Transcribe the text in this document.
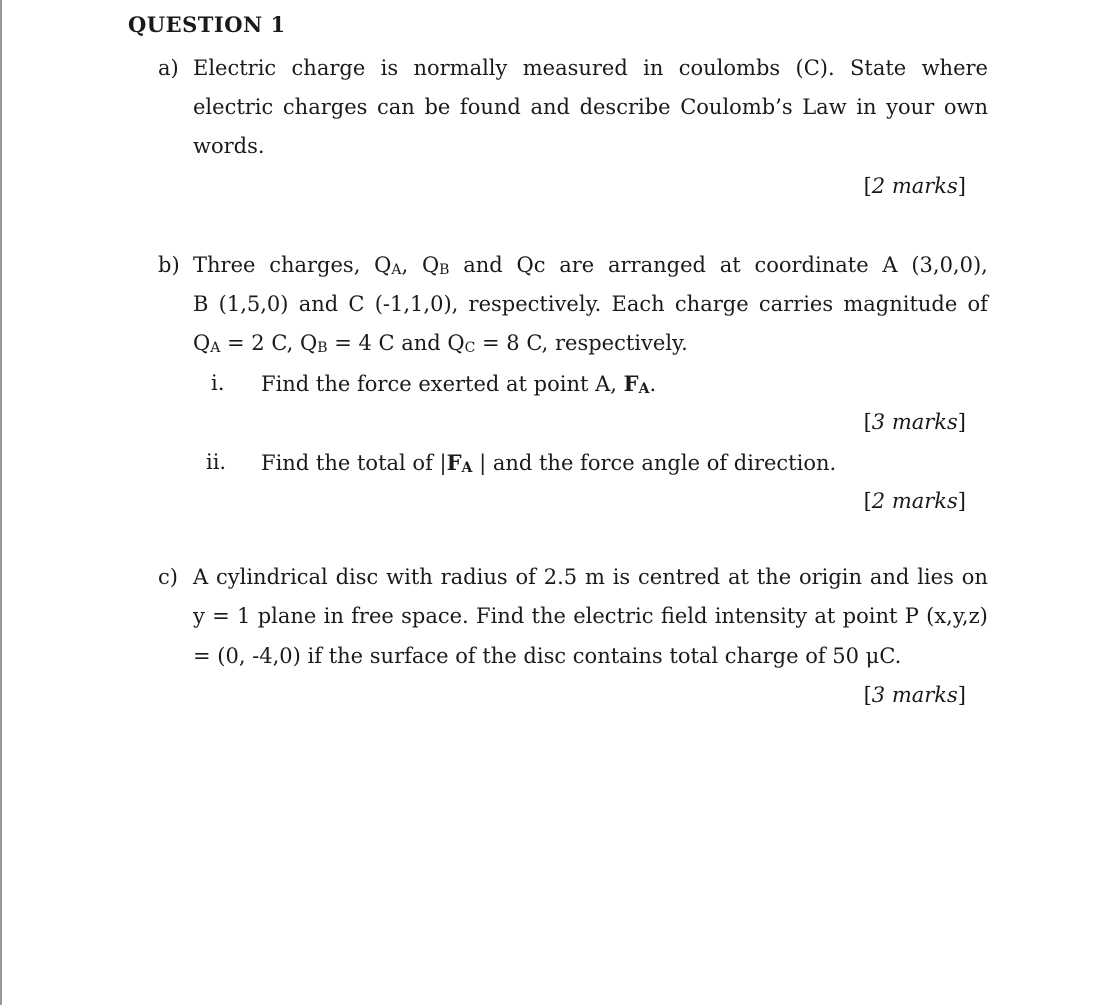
QUESTION 1
a) Electric charge is normally measured in coulombs (C). State where
electric charges can be found and describe Coulomb’s Law in your own
words.
[2 marks]
b) Three charges, QA, QB and Qc are arranged at coordinate A (3,0,0),
B (1,5,0) and C (-1,1,0), respectively. Each charge carries magnitude of
QA = 2 C, QB = 4 C and QC = 8 C, respectively.
i. Find the force exerted at point A, FA.
[3 marks]
ii. Find the total of |FA | and the force angle of direction.
[2 marks]
c) A cylindrical disc with radius of 2.5 m is centred at the origin and lies on
y = 1 plane in free space. Find the electric field intensity at point P (x,y,z)
= (0, -4,0) if the surface of the disc contains total charge of 50 μC.
[3 marks]
